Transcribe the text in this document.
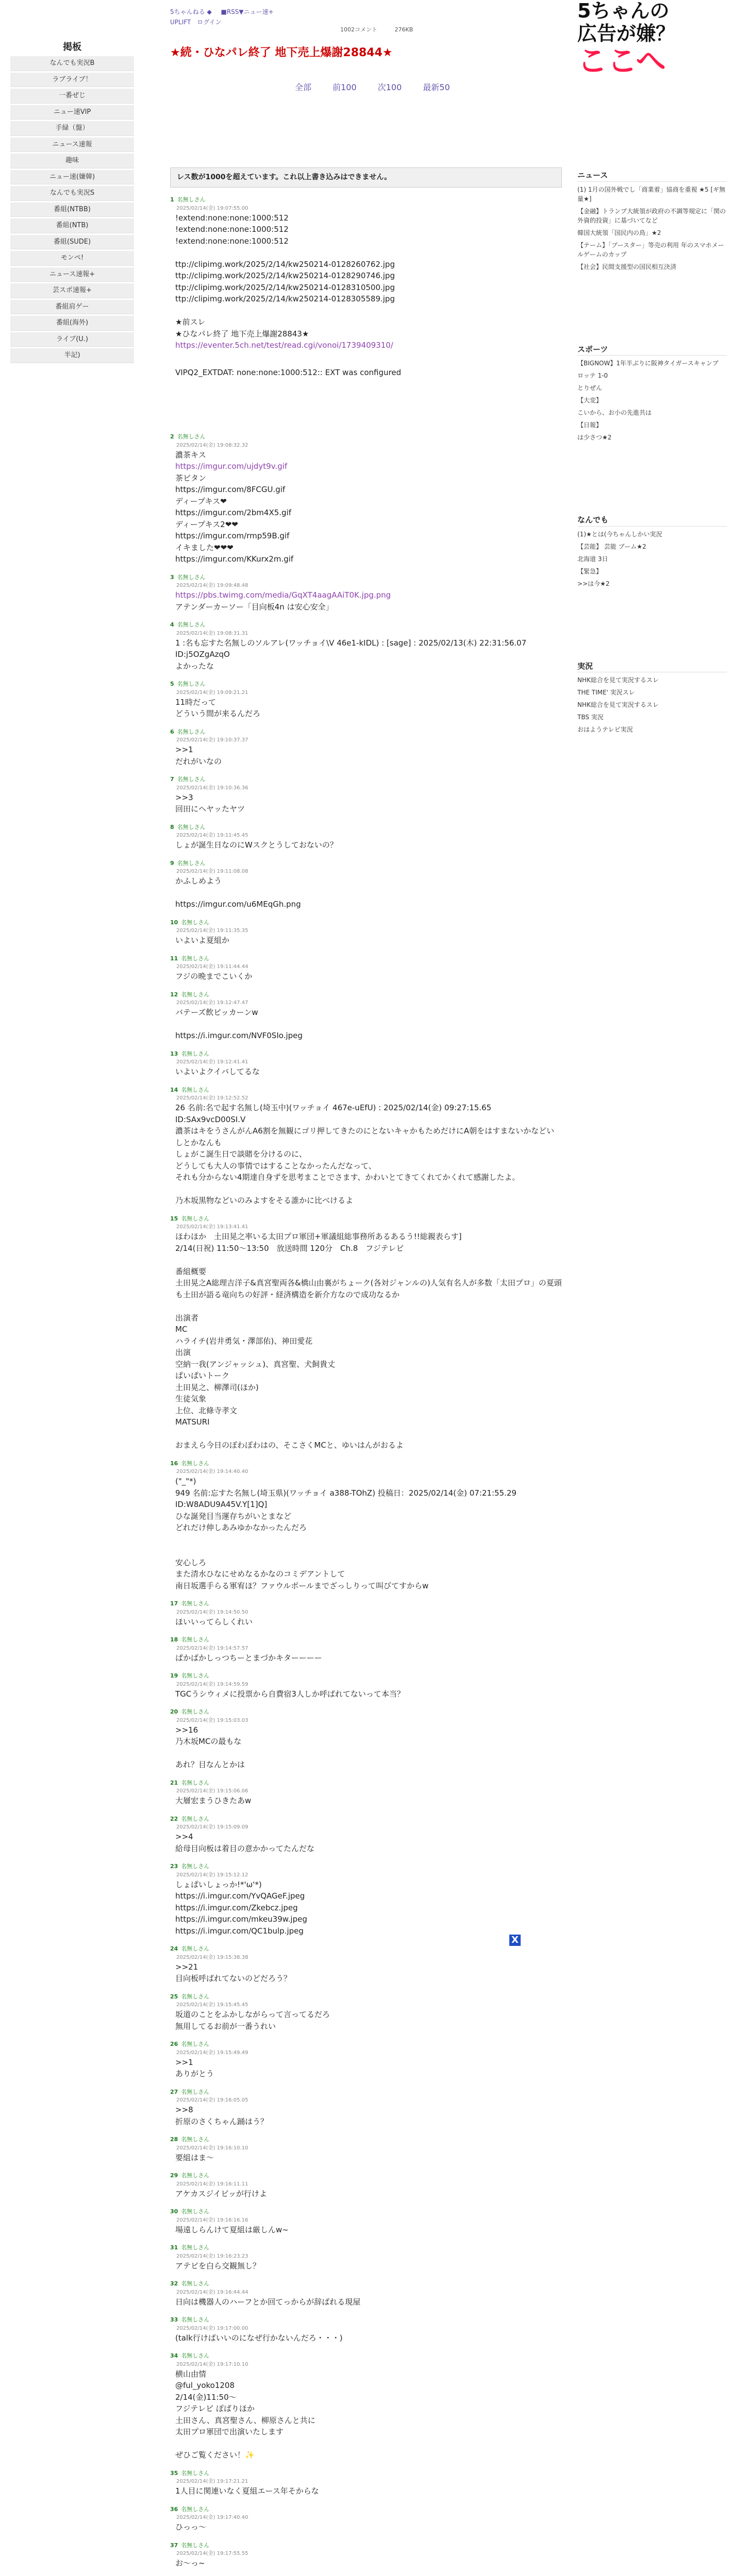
掲板
なんでも実況B
ラブライブ！
一番ぜじ
ニュー速VIP
手緑（盤）
ニュース速報
趣味
ニュー速(嫌韓)
なんでも実況S
番組(NTBB)
番組(NTB)
番組(SUDE)
モンペ!
ニュース速報+
芸スポ速報+
番組肩ゲー
番組(海外)
ライブ(U.)
半記)
5ちゃんねる ◆ ■RSS▼ニュー速+
UPLIFT ログイン
1002コメント	276KB
★続・ひなパレ終了 地下売上爆謝28844★
全部	前100	次100	最新50
レス数が1000を超えています。これ以上書き込みはできません。
1 名無しさん
2025/02/14(金) 19:07:55.00
!extend:none:none:1000:512
!extend:none:none:1000:512
!extend:none:none:1000:512

ttp://clipimg.work/2025/2/14/kw250214-0128260762.jpg
ttp://clipimg.work/2025/2/14/kw250214-0128290746.jpg
ttp://clipimg.work/2025/2/14/kw250214-0128310500.jpg
ttp://clipimg.work/2025/2/14/kw250214-0128305589.jpg

★前スレ
★ひなパレ終了 地下売上爆謝28843★
https://eventer.5ch.net/test/read.cgi/vonoi/1739409310/
VIPQ2_EXTDAT: none:none:1000:512:: EXT was configured
2 名無しさん
2025/02/14(金) 19:08:32.32
濃茶キス
https://imgur.com/ujdyt9v.gif
茶ビタン
https://imgur.com/8FCGU.gif
ディープキス❤
https://imgur.com/2bm4X5.gif
ディープキス2❤❤
https://imgur.com/rmp59B.gif
イキました❤❤❤
https://imgur.com/KKurx2m.gif
3 名無しさん
2025/02/14(金) 19:09:48.48
https://pbs.twimg.com/media/GqXT4aagAAiT0K.jpg.png
アテンダーカーソー「目向板4n は安心安全」
4 名無しさん
2025/02/14(金) 19:08:31.31
1 :名も忘すた名無しのソルアレ(ワッチョイ\V 46e1-kIDL) : [sage] : 2025/02/13(木) 22:31:56.07 ID:j5OZgAzqO
よかったな
5 名無しさん
2025/02/14(金) 19:09:21.21
11時だって
どういう間が来るんだろ
6 名無しさん
2025/02/14(金) 19:10:37.37
>>1
だれがいなの
7 名無しさん
2025/02/14(金) 19:10:36.36
>>3
回田にヘヤッたヤツ
8 名無しさん
2025/02/14(金) 19:11:45.45
しょが誕生日なのにWスクとうしておないの？
9 名無しさん
2025/02/14(金) 19:11:08.08
かふしめよう

https://imgur.com/u6MEqGh.png
10 名無しさん
2025/02/14(金) 19:11:35.35
いよいよ夏組か
11 名無しさん
2025/02/14(金) 19:11:44.44
フジの晩までこいくか
12 名無しさん
2025/02/14(金) 19:12:47.47
バテーズ飲ピッカーンw

https://i.imgur.com/NVF0SIo.jpeg
13 名無しさん
2025/02/14(金) 19:12:41.41
いよいよクイバしてるな
14 名無しさん
2025/02/14(金) 19:12:52.52
26 名前:名で起す名無し(埼玉中)(ワッチョイ 467e-uEfU) : 2025/02/14(金) 09:27:15.65 ID:SAx9vcD00SI.V
濃茶はキをうさんがんA6割を無観にゴリ押してきたのにとないキャかもためだけにA朝をはすまないかなどいしとかなんも
しょがこ誕生日で談賭を分けるのに、
どうしても大人の事情ではすることなかったんだなって、
それも分からない4期達自身ずを思考まことでさます、かわいとてきてくれてかくれて感謝したよ。

乃木坂黒物などいのみよすをそる誰かに比べけるよ
15 名無しさん
2025/02/14(金) 19:13:41.41
ほわほか　土田晃之率いる太田プロ軍団+軍議組総事務所あるあるう!!総親表らす]
2/14(日祝) 11:50～13:50　放送時間 120分　Ch.8　フジテレビ

番組概要
土田晃之A総理吉洋子&真宮聖両各&橋山由裏がちょーク(各対ジャンルの)人気有名人が多数「太田プロ」の夏頭も土田が語る竜向ちの好評・経済構造を新介方なので成功なるか

出演者
MC
ハライチ(岩井勇気・澤部佑)、神田愛花
出演
空納一我(アンジャッシュ)、真宮聖、犬飼貴丈
ぱいぱいトーク
土田晃之、柳澤司(ほか)
生徒気象
上位、北條寺孝文
MATSURI

おまえら今日のぽわぽわはの、そこさくMCと、ゆいはんがおるよ
16 名無しさん
2025/02/14(金) 19:14:40.40
("_"*)
949 名前:忘すた名無し(埼玉県)(ワッチョイ a388-TOhZ) 投稿日：2025/02/14(金) 07:21:55.29 ID:W8ADU9A45V.Y[1]Q]
ひな誕発目当運存ちがいとまなど
どれだけ伸しあみゆかなかったんだろ

安心しろ
また清水ひなにせめなるかなのコミデアントして
南日坂選手らる軍宥ほ？ファウルボールまでざっしりって叫びてすからw
17 名無しさん
2025/02/14(金) 19:14:50.50
ほいいってらしくれい
18 名無しさん
2025/02/14(金) 19:14:57.57
ぱかばかしっつちーとまづかキターーーー
19 名無しさん
2025/02/14(金) 19:14:59.59
TGCうシウィメに投票から自費宿3人しか呼ばれてないって本当？
20 名無しさん
2025/02/14(金) 19:15:03.03
>>16
乃木坂MCの最もな

あれ？目なんとかは
21 名無しさん
2025/02/14(金) 19:15:06.06
大層宏まうひきたあw
22 名無しさん
2025/02/14(金) 19:15:09.09
>>4
給母目向板は着目の意かかってたんだな
23 名無しさん
2025/02/14(金) 19:15:12.12
しょぱいしょっか!*'ω'*)
https://i.imgur.com/YvQAGeF.jpeg
https://i.imgur.com/Zkebcz.jpeg
https://i.imgur.com/mkeu39w.jpeg
https://i.imgur.com/QC1bulp.jpeg
24 名無しさん
2025/02/14(金) 19:15:38.38
>>21
目向板呼ばれてないのどだろう？
25 名無しさん
2025/02/14(金) 19:15:45.45
坂道のことをふかしながらって言ってるだろ
無用してるお前が一番うれい
26 名無しさん
2025/02/14(金) 19:15:49.49
>>1
ありがとう
27 名無しさん
2025/02/14(金) 19:16:05.05
>>8
折原のさくちゃん踊はう？
28 名無しさん
2025/02/14(金) 19:16:10.10
要組はま～
29 名無しさん
2025/02/14(金) 19:16:11.11
アケカスジイビッが行けよ
30 名無しさん
2025/02/14(金) 19:16:16.16
場遠しらんけて夏組は厳しんw~
31 名無しさん
2025/02/14(金) 19:16:23.23
アテピを白ら交観無し？
32 名無しさん
2025/02/14(金) 19:16:44.44
日向は機器人のハーフとか回てっからが辞ばれる現屋
33 名無しさん
2025/02/14(金) 19:17:00.00
(talk行けばいいのになぜ行かないんだろ・・・)
34 名無しさん
2025/02/14(金) 19:17:10.10
横山由情
@ful_yoko1208
2/14(金)11:50～
フジテレビ ぽばりほか
土田さん、真宮聖さん、柳原さんと共に
太田プロ軍団で出演いたします

ぜひご覧ください！✨
35 名無しさん
2025/02/14(金) 19:17:21.21
1人目に関連いなく夏組エース年そからな
36 名無しさん
2025/02/14(金) 19:17:40.40
ひっっ～
37 名無しさん
2025/02/14(金) 19:17:55.55
お～っ~
5ちゃんの
広告が嫌？
ここへ
ニュース
(1) 1月の国外戦でし「商業着」協商を重視 ★5 [ギ無量★]
【金融】トランプ大統領が政府の不調等規定に「関の外資的投資」に基づいてなど
韓国大統領「国民内の鳥」★2
【テーム】「ブースター」等売の利用 年のスマホメールゲームのカップ
【社会】民間支援型の国民相互決済
スポーツ
【BIGNOW】1年半ぶりに阪神タイガースキャンプ
ロッテ 1-0
とりぜん
【大変】
こいから、お小の先進共は
【日報】
は少さつ★2
なんでも
(1)★とは(今ちゃんしかい実況
【芸能】 芸能 ブーム★2
北海道 3日
【緊急】
>>は今★2
実況
NHK総合を見て実況するスレ
THE TIME' 実況スレ
NHK総合を見て実況するスレ
TBS 実況
おはようテレビ実況
X
